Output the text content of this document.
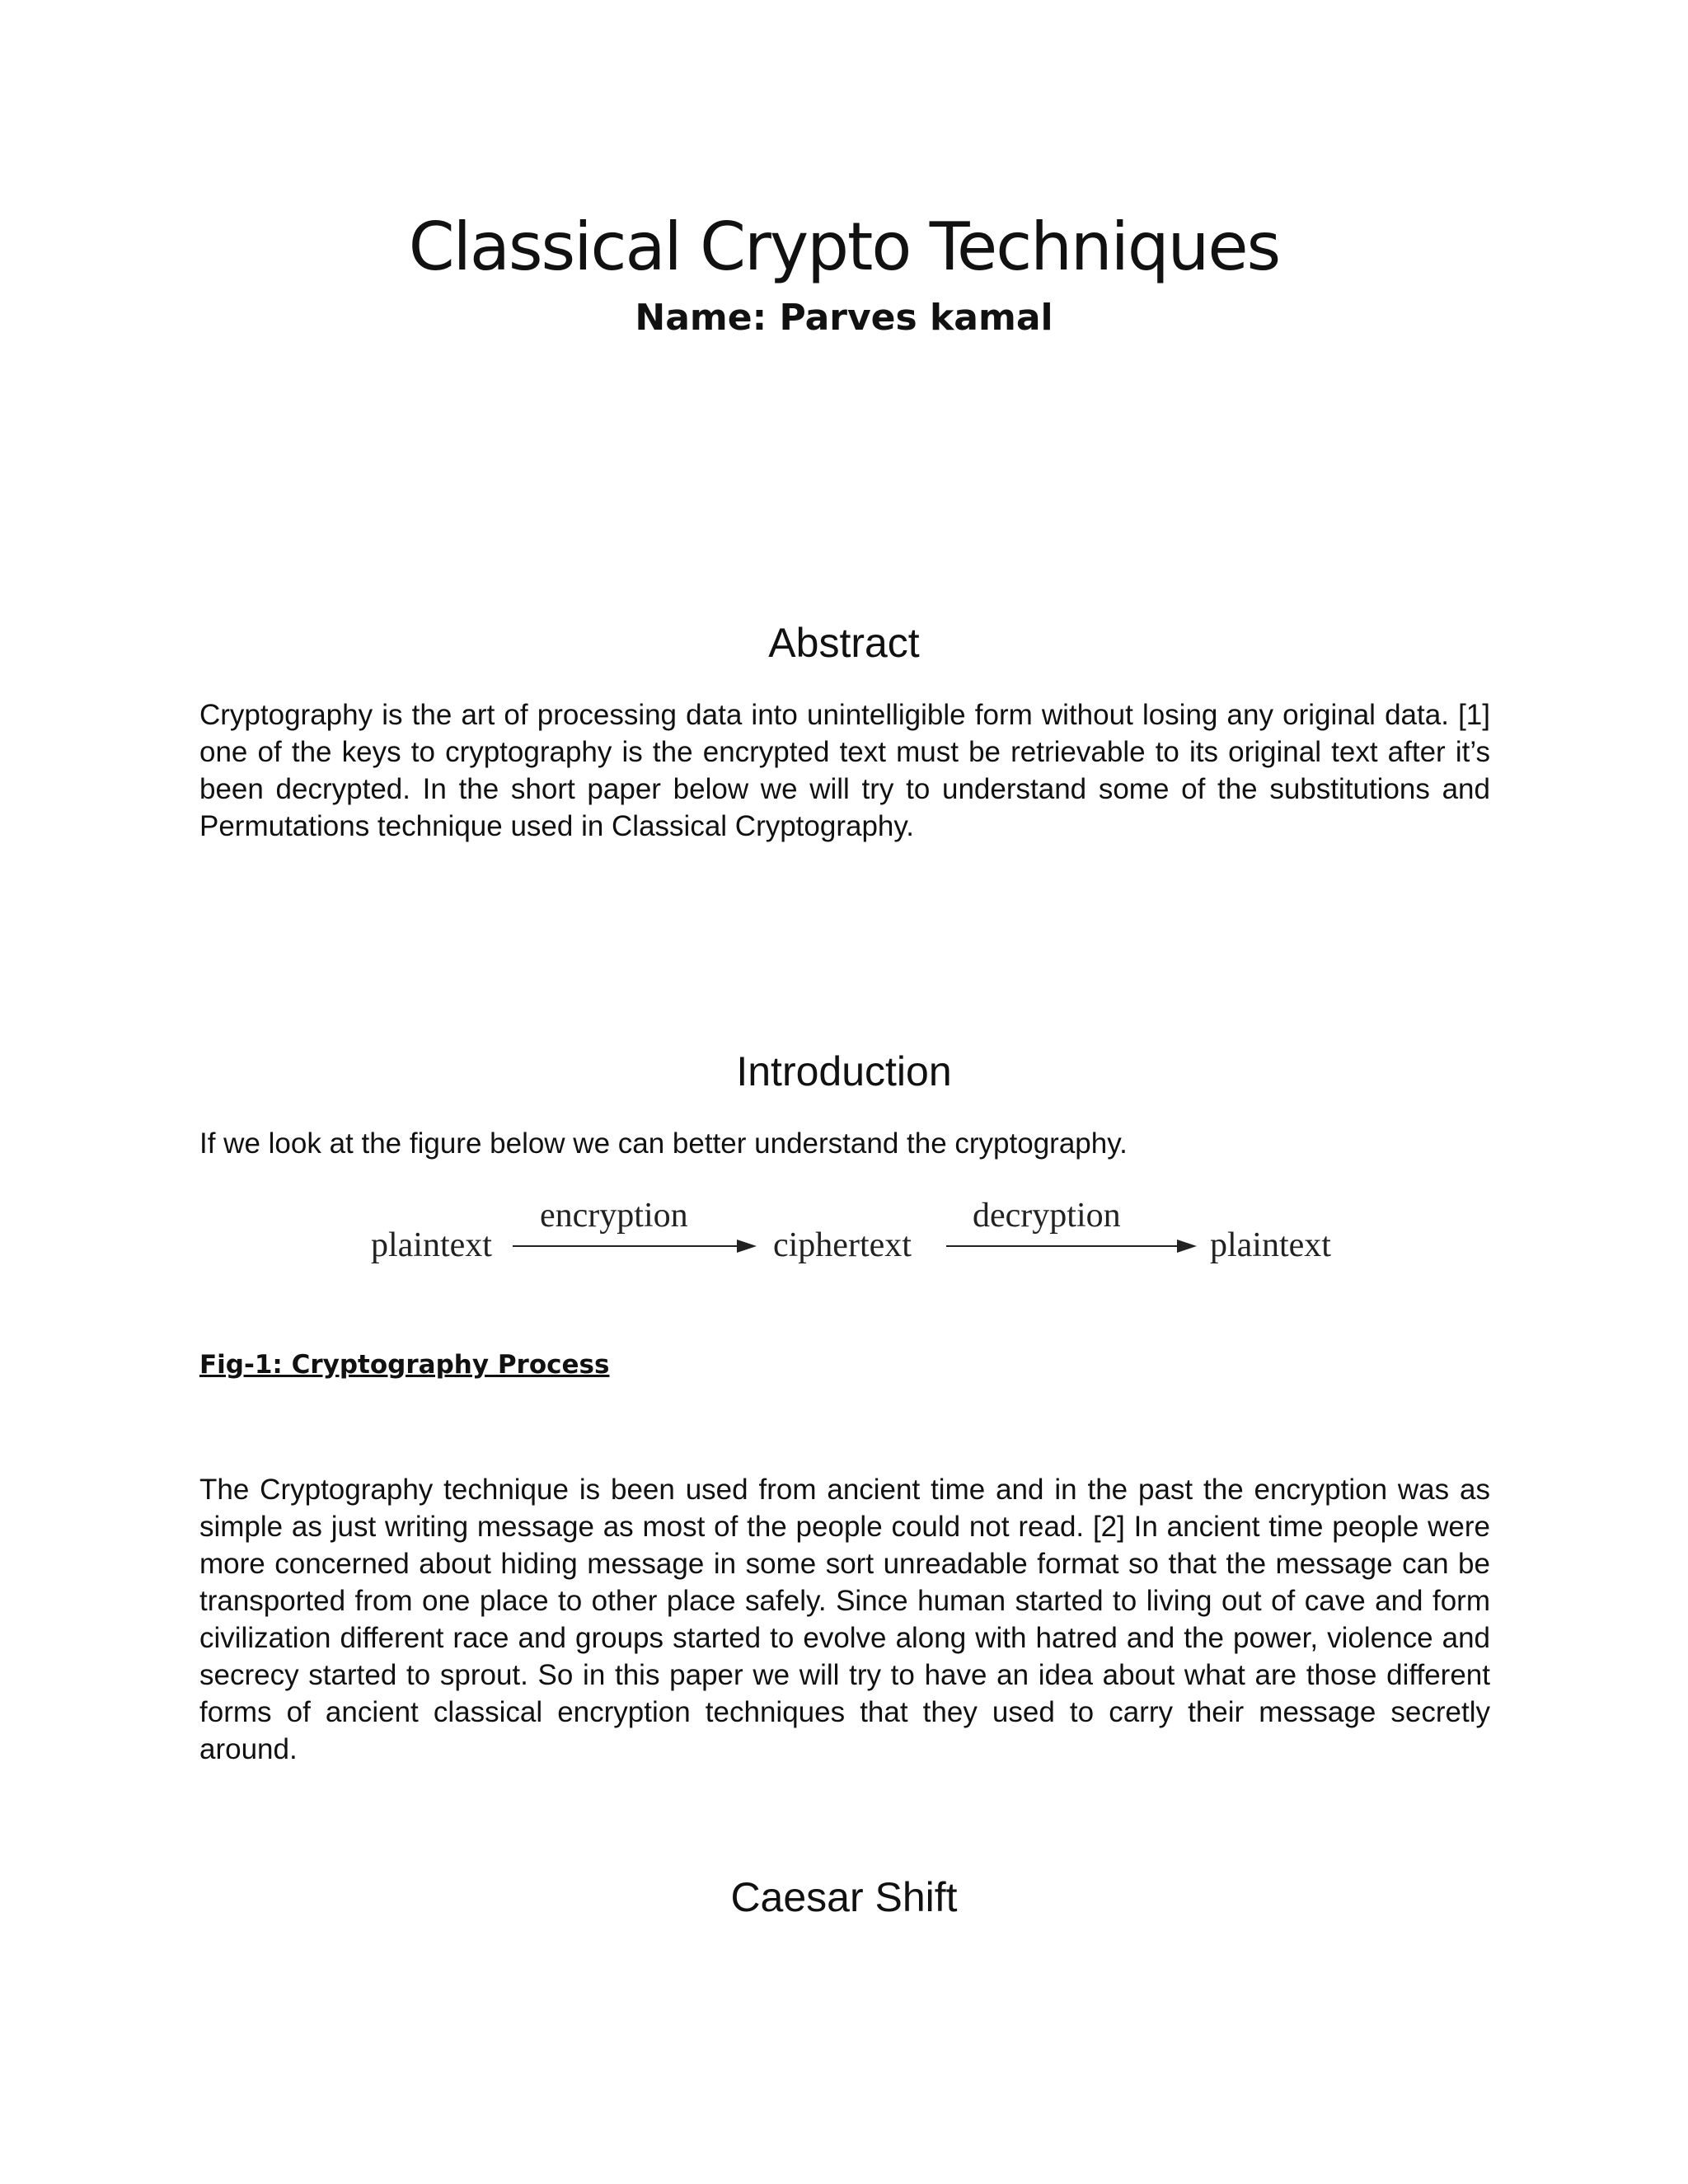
Classical Crypto Techniques
Name: Parves kamal
Abstract

Cryptography is the art of processing data into unintelligible form without losing any original data. [1] one of the keys to cryptography is the encrypted text must be retrievable to its original text after it’s been decrypted. In the short paper below we will try to understand some of the substitutions and Permutations technique used in Classical Cryptography.

Introduction

If we look at the figure below we can better understand the cryptography.

plaintext
encryption
ciphertext
decryption
plaintext
Fig-1: Cryptography Process

The Cryptography technique is been used from ancient time and in the past the encryption was as simple as just writing message as most of the people could not read. [2] In ancient time people were more concerned about hiding message in some sort unreadable format so that the message can be transported from one place to other place safely. Since human started to living out of cave and form civilization different race and groups started to evolve along with hatred and the power, violence and secrecy started to sprout. So in this paper we will try to have an idea about what are those different forms of ancient classical encryption techniques that they used to carry their message secretly around.

Caesar Shift
